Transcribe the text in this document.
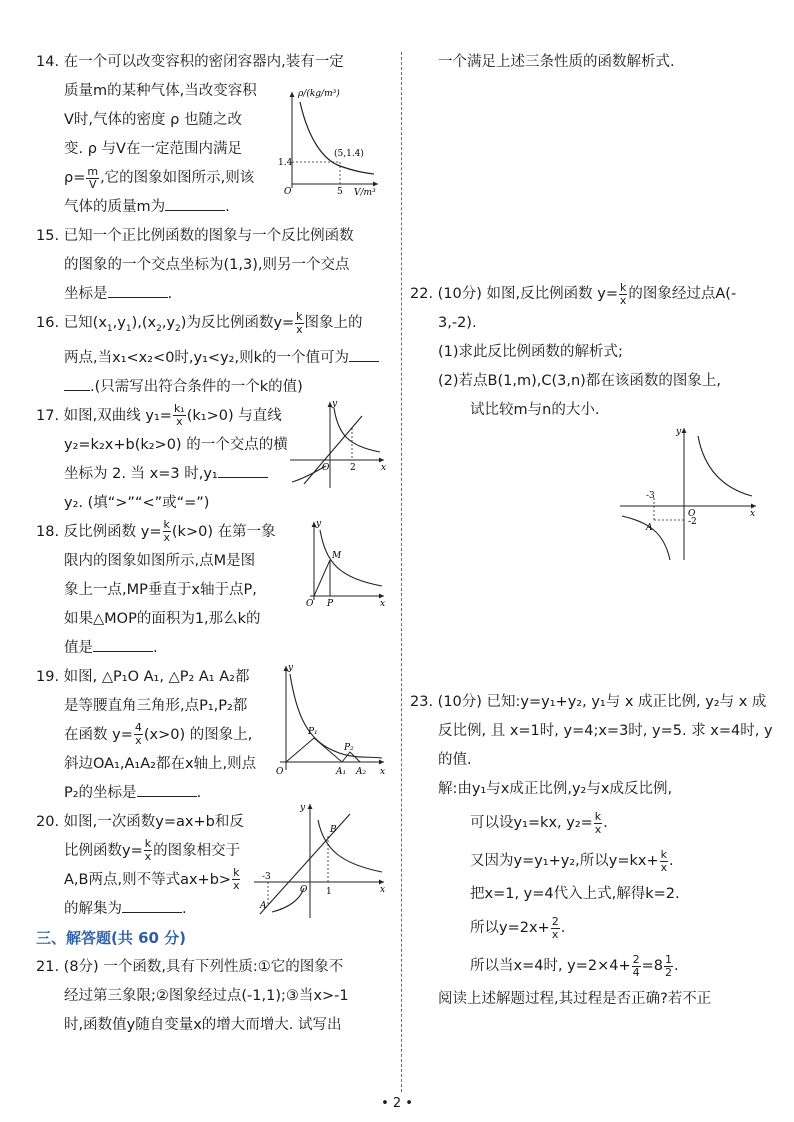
14. 在一个可以改变容积的密闭容器内,装有一定

质量m的某种气体,当改变容积

V时,气体的密度 ρ 也随之改

变. ρ 与V在一定范围内满足

$\rho= \frac{m}{V}$ ,它的图象如图所示,则该

气体的质量m为	.

15. 已知一个正比例函数的图象与一个反比例函数

的图象的一个交点坐标为(1,3),则另一个交点

坐标是	.

16. 已知$(x_1,y_1),(x_2,y_2)$为反比例函数$y= \frac{k}{x}$ 图象上的

两点,当x₁<x₂<0时,y₁<y₂,则k的一个值可为

.(只需写出符合条件的一个k的值)

17. 如图,双曲线 $y_1= \frac{\text{k₁}}{x} (k_1>0)$ 与直线

y₂=k₂x+b(k₂>0) 的一个交点的横

坐标为 2. 当 x=3 时,y₁

y₂. (填“>”“<”或“=”)

18. 反比例函数 $y= \frac{k}{x} (k>0)$ 在第一象

限内的图象如图所示,点M是图

象上一点,MP垂直于x轴于点P,

如果△MOP的面积为1,那么k的

值是	.

19. 如图, △P₁O A₁, △P₂ A₁ A₂都

是等腰直角三角形,点P₁,P₂都

在函数 $y= \frac{4}{x} (x>0)$ 的图象上,

斜边OA₁,A₁A₂都在x轴上,则点

P₂的坐标是	.

20. 如图,一次函数y=ax+b和反

比例函数$y= \frac{k}{x}$ 的图象相交于

A,B两点,则不等式$ax+b> \frac{k}{x}$

的解集为	.

三、解答题(共 60 分)

21. (8分) 一个函数,具有下列性质:①它的图象不

经过第三象限;②图象经过点(-1,1);③当x>-1

时,函数值y随自变量x的增大而增大. 试写出

一个满足上述三条性质的函数解析式.

22. (10分) 如图,反比例函数 $y= \frac{k}{x}$ 的图象经过点A(-

3,-2).

(1)求此反比例函数的解析式;

(2)若点B(1,m),C(3,n)都在该函数的图象上,

试比较m与n的大小.

23. (10分) 已知:y=y₁+y₂, y₁与 x 成正比例, y₂与 x 成

反比例, 且 x=1时, y=4;x=3时, y=5. 求 x=4时, y

的值.

解:由y₁与x成正比例,y₂与x成反比例,

可以设y₁=kx, $y_2= \frac{k}{x}$ .

又因为y=y₁+y₂,所以$y=kx+ \frac{k}{x}$ .

把x=1, y=4代入上式,解得k=2.

所以$y=2x+ \frac{2}{x}$ .

所以当x=4时, $y=2\times 4+ \frac{2}{4} =8 \frac{1}{2}$ .

阅读上述解题过程,其过程是否正确?若不正

ρ/(kg/m³)
V/m³
O
1.4
5
(5,1.4)
y
x
O 2
y
x
O
M
P
y
x
O
P₁
P₂
A₁ A₂
y
x
O
B
A
-3
1
y
x
O
A
-3
-2
• 2 •
